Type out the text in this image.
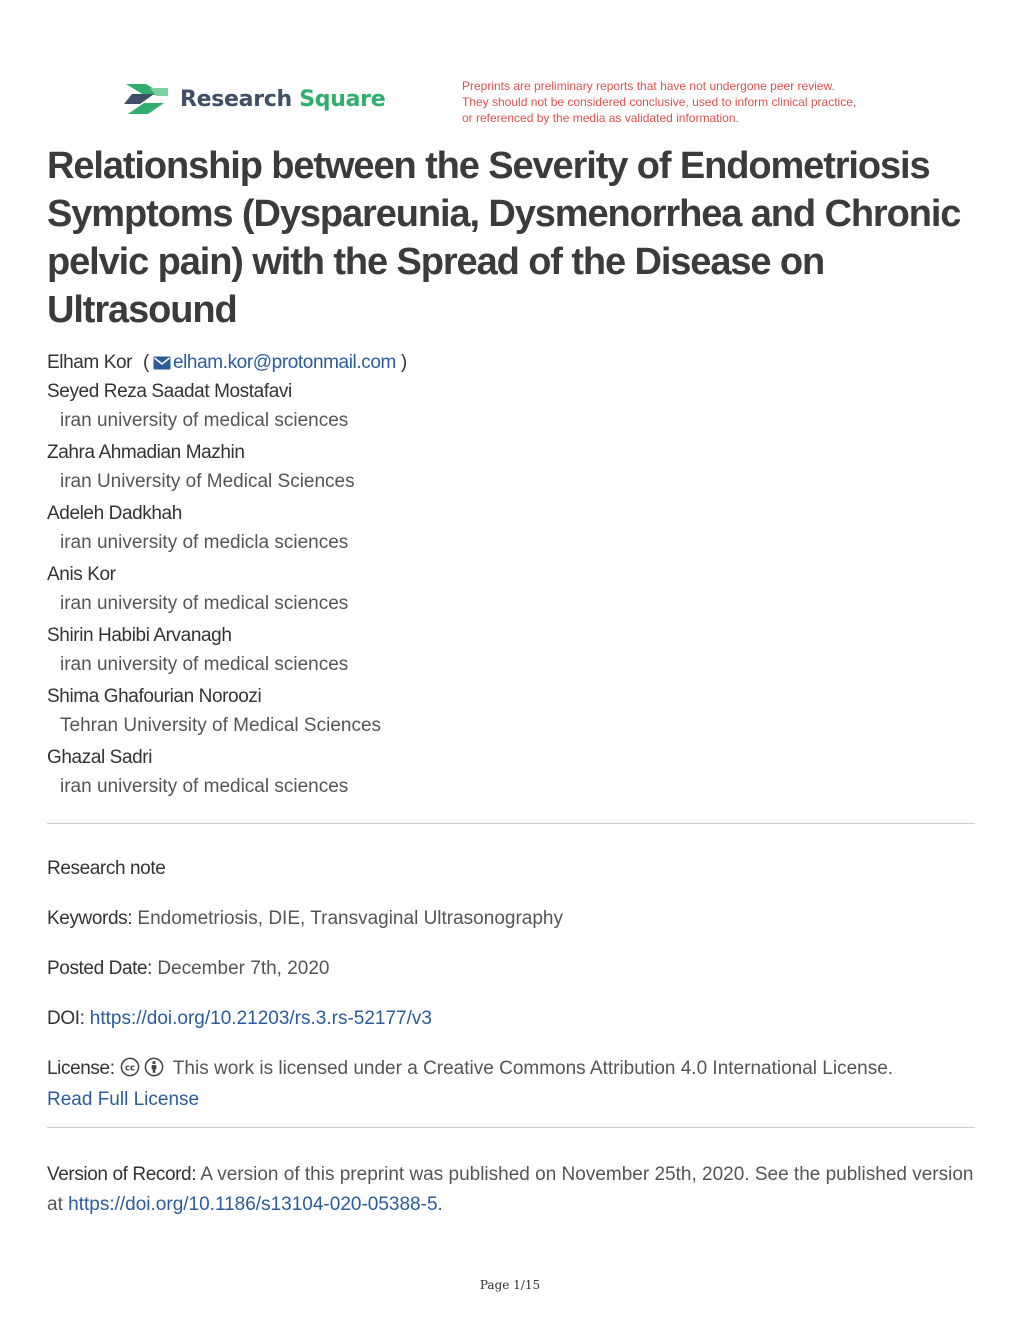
Research Square
Preprints are preliminary reports that have not undergone peer review.
They should not be considered conclusive, used to inform clinical practice,
or referenced by the media as validated information.
Relationship between the Severity of Endometriosis Symptoms (Dyspareunia, Dysmenorrhea and Chronic pelvic pain) with the Spread of the Disease on Ultrasound
Elham Kor ( elham.kor@protonmail.com )
Seyed Reza Saadat Mostafavi
iran university of medical sciences
Zahra Ahmadian Mazhin
iran University of Medical Sciences
Adeleh Dadkhah
iran university of medicla sciences
Anis Kor
iran university of medical sciences
Shirin Habibi Arvanagh
iran university of medical sciences
Shima Ghafourian Noroozi
Tehran University of Medical Sciences
Ghazal Sadri
iran university of medical sciences
Research note
Keywords: Endometriosis, DIE, Transvaginal Ultrasonography
Posted Date: December 7th, 2020
DOI: https://doi.org/10.21203/rs.3.rs-52177/v3
License: cc This work is licensed under a Creative Commons Attribution 4.0 International License.
Read Full License
Version of Record: A version of this preprint was published on November 25th, 2020. See the published version at https://doi.org/10.1186/s13104-020-05388-5.
Page 1/15
